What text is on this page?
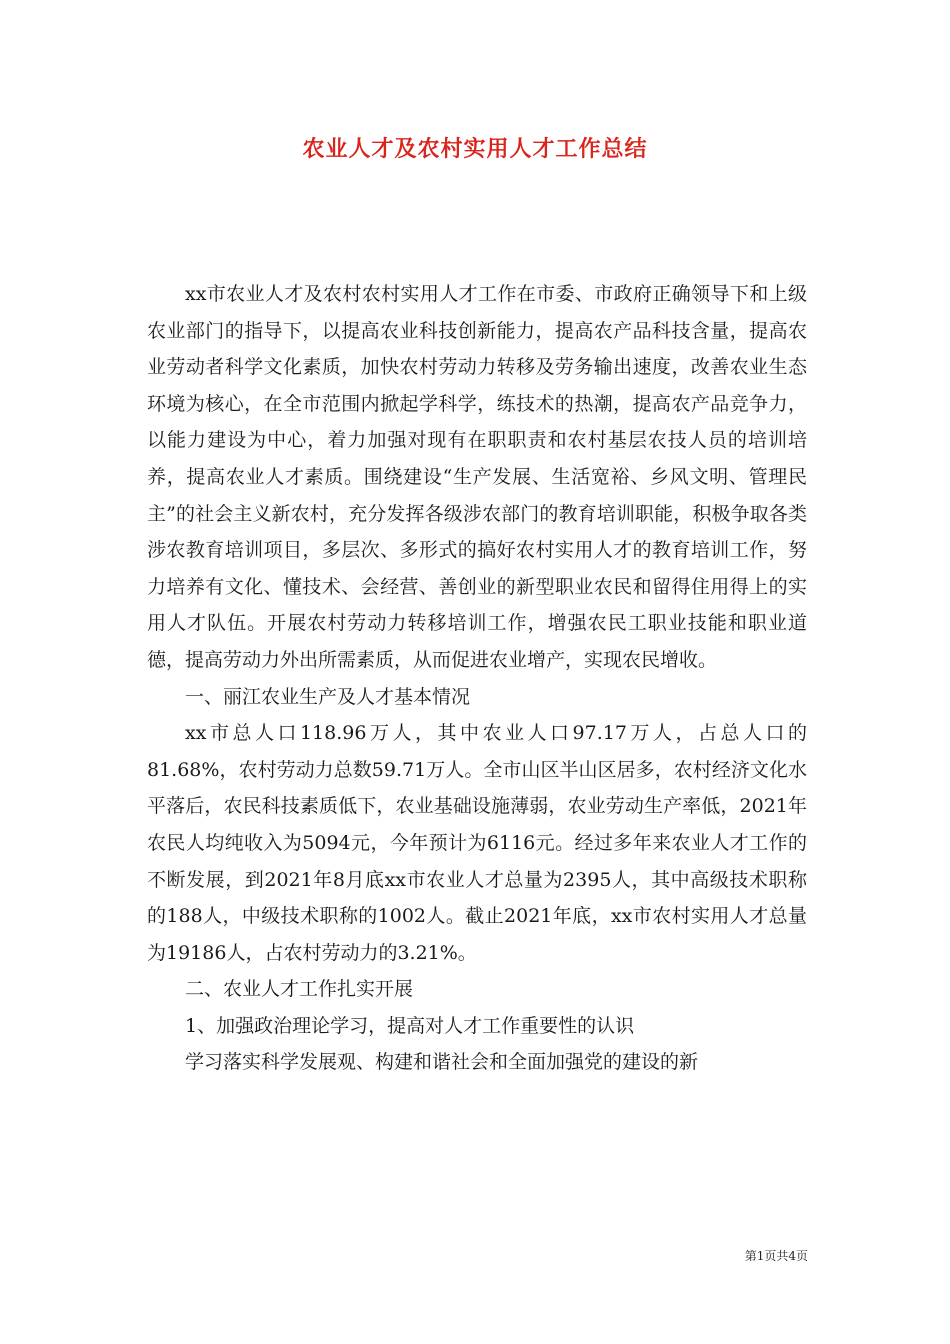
农业人才及农村实用人才工作总结

xx市农业人才及农村农村实用人才工作在市委、市政府正确领导下和上级农业部门的指导下，以提高农业科技创新能力，提高农产品科技含量，提高农业劳动者科学文化素质，加快农村劳动力转移及劳务输出速度，改善农业生态环境为核心，在全市范围内掀起学科学，练技术的热潮，提高农产品竞争力，以能力建设为中心，着力加强对现有在职职责和农村基层农技人员的培训培养，提高农业人才素质。围绕建设“生产发展、生活宽裕、乡风文明、管理民主”的社会主义新农村，充分发挥各级涉农部门的教育培训职能，积极争取各类涉农教育培训项目，多层次、多形式的搞好农村实用人才的教育培训工作，努力培养有文化、懂技术、会经营、善创业的新型职业农民和留得住用得上的实用人才队伍。开展农村劳动力转移培训工作，增强农民工职业技能和职业道德，提高劳动力外出所需素质，从而促进农业增产，实现农民增收。

一、丽江农业生产及人才基本情况

xx市总人口118.96万人，其中农业人口97.17万人，占总人口的81.68%，农村劳动力总数59.71万人。全市山区半山区居多，农村经济文化水平落后，农民科技素质低下，农业基础设施薄弱，农业劳动生产率低，2021年农民人均纯收入为5094元，今年预计为6116元。经过多年来农业人才工作的不断发展，到2021年8月底xx市农业人才总量为2395人，其中高级技术职称的188人，中级技术职称的1002人。截止2021年底，xx市农村实用人才总量为19186人，占农村劳动力的3.21%。

二、农业人才工作扎实开展

1、加强政治理论学习，提高对人才工作重要性的认识

学习落实科学发展观、构建和谐社会和全面加强党的建设的新

第1页共4页
